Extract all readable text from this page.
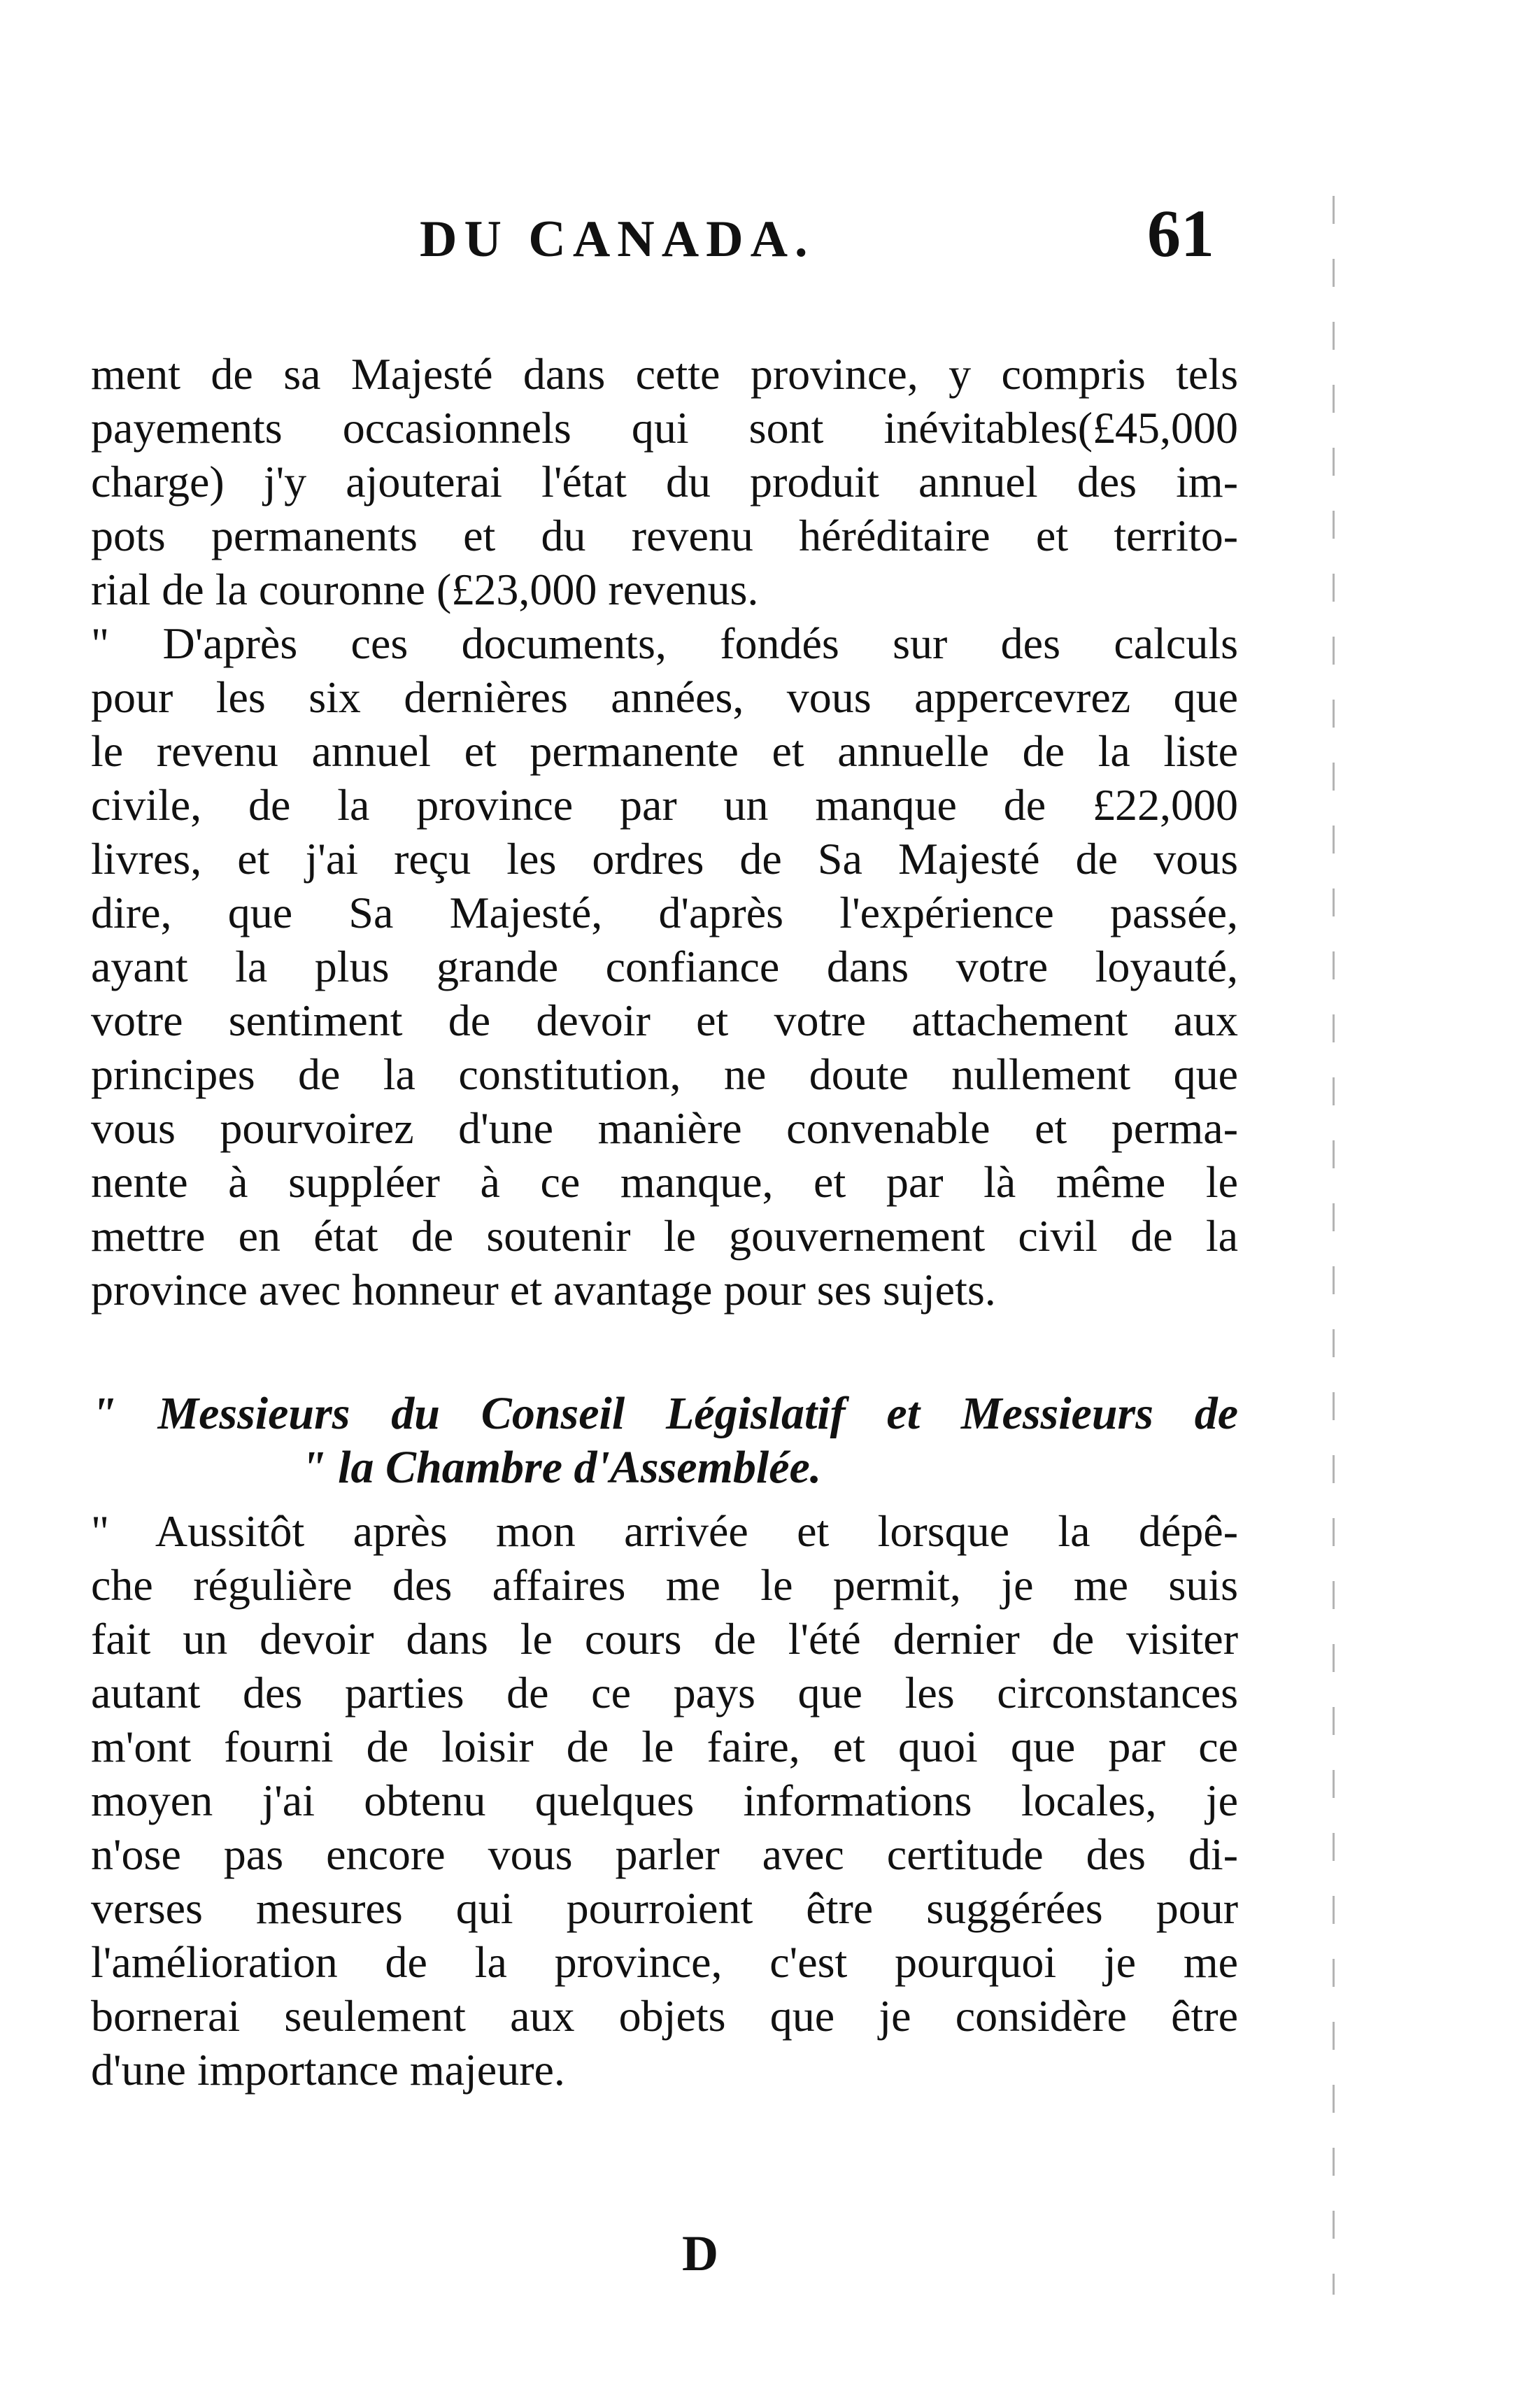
DU CANADA.	61
ment de sa Majesté dans cette province, y compris tels
payements occasionnels qui sont inévitables(£45,000
charge) j'y ajouterai l'état du produit annuel des im-
pots permanents et du revenu héréditaire et territo-
rial de la couronne (£23,000 revenus.
" D'après ces documents, fondés sur des calculs
pour les six dernières années, vous appercevrez que
le revenu annuel et permanente et annuelle de la liste
civile, de la province par un manque de £22,000
livres, et j'ai reçu les ordres de Sa Majesté de vous
dire, que Sa Majesté, d'après l'expérience passée,
ayant la plus grande confiance dans votre loyauté,
votre sentiment de devoir et votre attachement aux
principes de la constitution, ne doute nullement que
vous pourvoirez d'une manière convenable et perma-
nente à suppléer à ce manque, et par là même le
mettre en état de soutenir le gouvernement civil de la
province avec honneur et avantage pour ses sujets.
" Messieurs du Conseil Législatif et Messieurs de
" la Chambre d'Assemblée.
" Aussitôt après mon arrivée et lorsque la dépê-
che régulière des affaires me le permit, je me suis
fait un devoir dans le cours de l'été dernier de visiter
autant des parties de ce pays que les circonstances
m'ont fourni de loisir de le faire, et quoi que par ce
moyen j'ai obtenu quelques informations locales, je
n'ose pas encore vous parler avec certitude des di-
verses mesures qui pourroient être suggérées pour
l'amélioration de la province, c'est pourquoi je me
bornerai seulement aux objets que je considère être
d'une importance majeure.
D
